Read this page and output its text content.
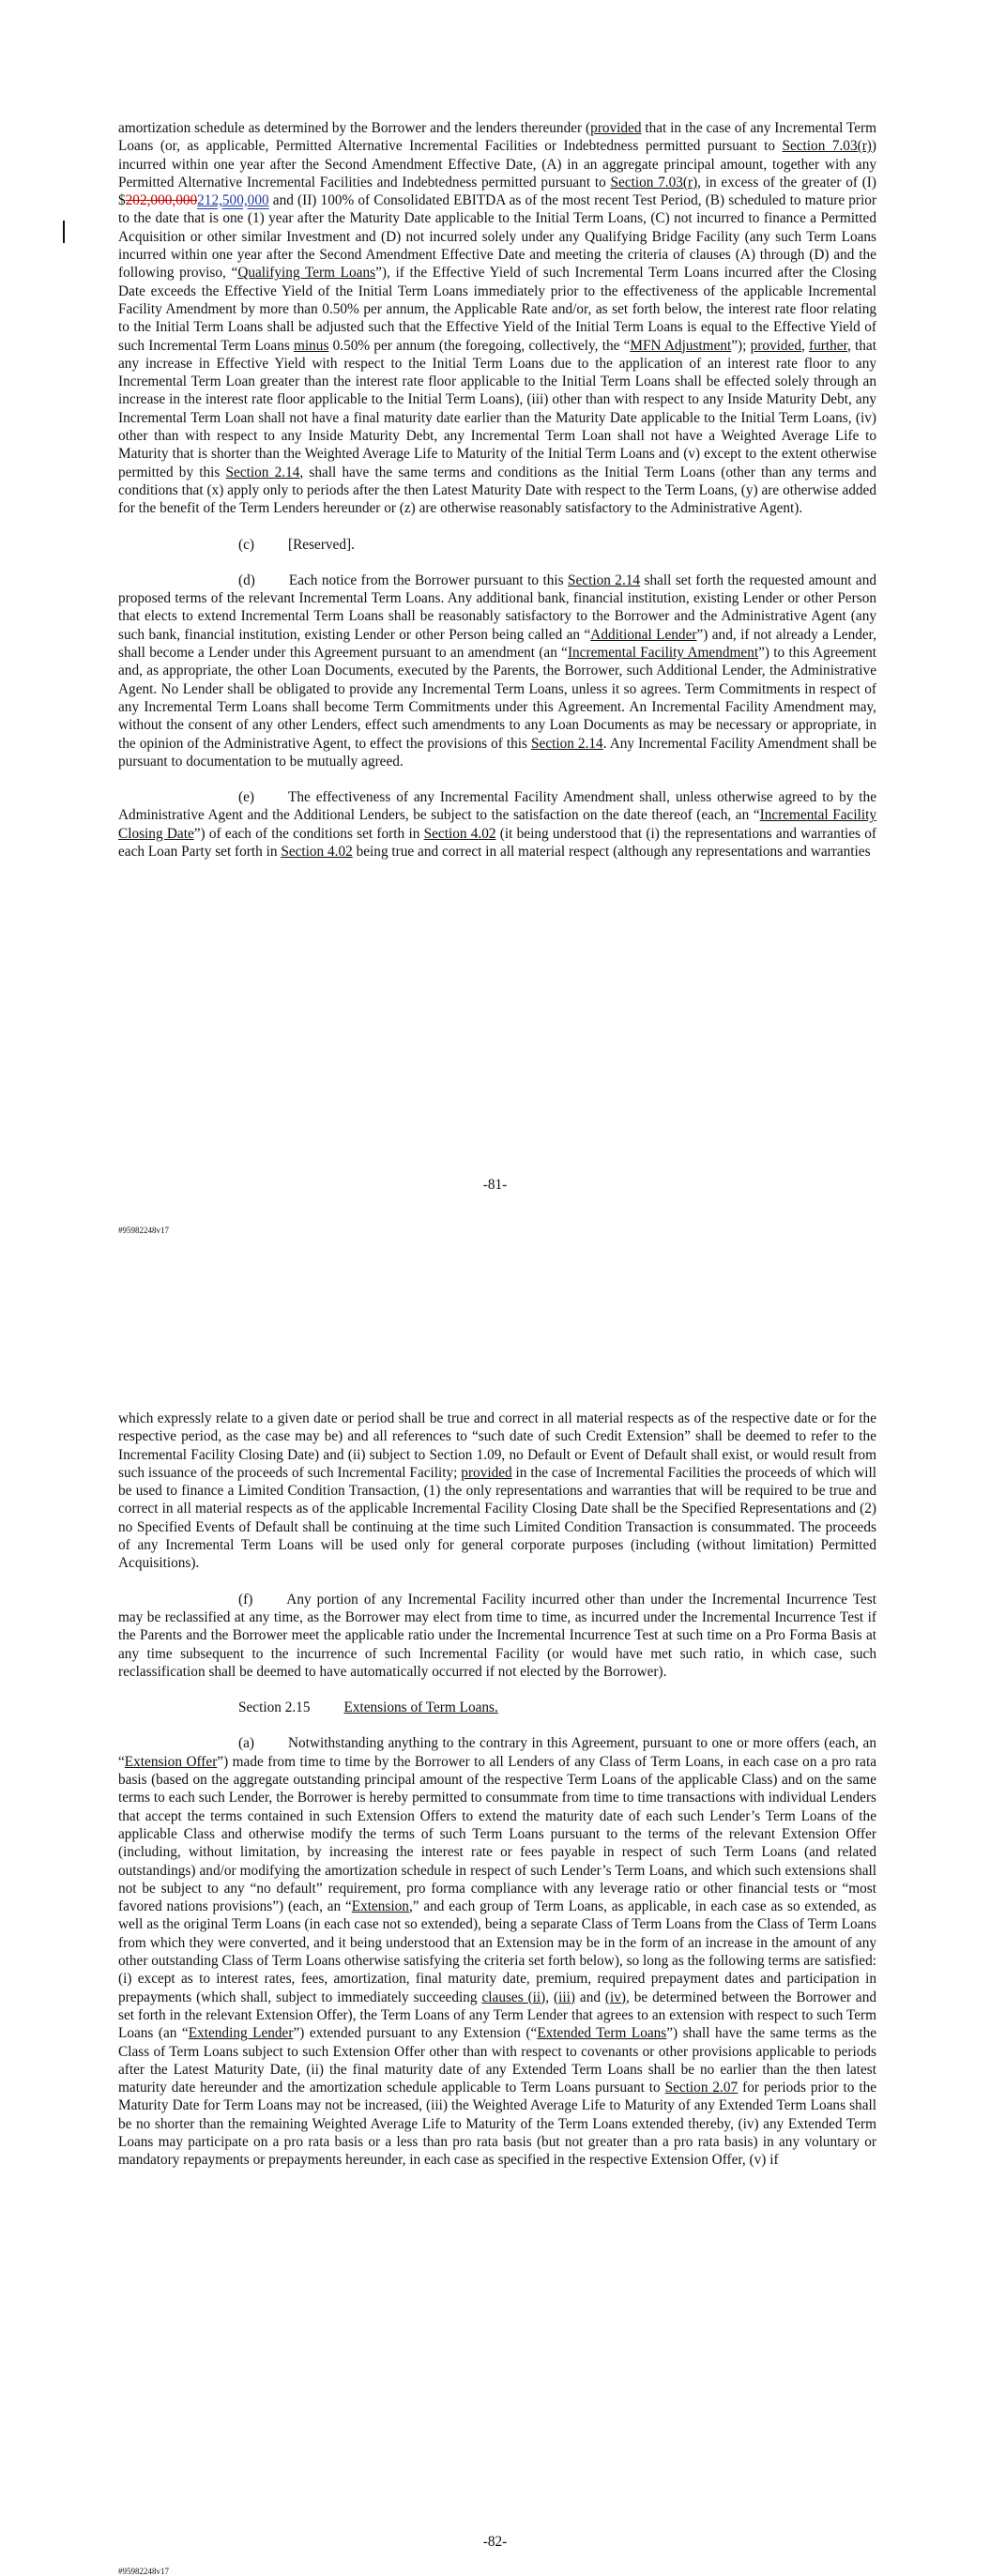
amortization schedule as determined by the Borrower and the lenders thereunder (provided that in the case of any Incremental Term Loans (or, as applicable, Permitted Alternative Incremental Facilities or Indebtedness permitted pursuant to Section 7.03(r)) incurred within one year after the Second Amendment Effective Date, (A) in an aggregate principal amount, together with any Permitted Alternative Incremental Facilities and Indebtedness permitted pursuant to Section 7.03(r), in excess of the greater of (I) $202,000,000212,500,000 and (II) 100% of Consolidated EBITDA as of the most recent Test Period, (B) scheduled to mature prior to the date that is one (1) year after the Maturity Date applicable to the Initial Term Loans, (C) not incurred to finance a Permitted Acquisition or other similar Investment and (D) not incurred solely under any Qualifying Bridge Facility (any such Term Loans incurred within one year after the Second Amendment Effective Date and meeting the criteria of clauses (A) through (D) and the following proviso, “Qualifying Term Loans”), if the Effective Yield of such Incremental Term Loans incurred after the Closing Date exceeds the Effective Yield of the Initial Term Loans immediately prior to the effectiveness of the applicable Incremental Facility Amendment by more than 0.50% per annum, the Applicable Rate and/or, as set forth below, the interest rate floor relating to the Initial Term Loans shall be adjusted such that the Effective Yield of the Initial Term Loans is equal to the Effective Yield of such Incremental Term Loans minus 0.50% per annum (the foregoing, collectively, the “MFN Adjustment”); provided, further, that any increase in Effective Yield with respect to the Initial Term Loans due to the application of an interest rate floor to any Incremental Term Loan greater than the interest rate floor applicable to the Initial Term Loans shall be effected solely through an increase in the interest rate floor applicable to the Initial Term Loans), (iii) other than with respect to any Inside Maturity Debt, any Incremental Term Loan shall not have a final maturity date earlier than the Maturity Date applicable to the Initial Term Loans, (iv) other than with respect to any Inside Maturity Debt, any Incremental Term Loan shall not have a Weighted Average Life to Maturity that is shorter than the Weighted Average Life to Maturity of the Initial Term Loans and (v) except to the extent otherwise permitted by this Section 2.14, shall have the same terms and conditions as the Initial Term Loans (other than any terms and conditions that (x) apply only to periods after the then Latest Maturity Date with respect to the Term Loans, (y) are otherwise added for the benefit of the Term Lenders hereunder or (z) are otherwise reasonably satisfactory to the Administrative Agent).

(c) [Reserved].

(d) Each notice from the Borrower pursuant to this Section 2.14 shall set forth the requested amount and proposed terms of the relevant Incremental Term Loans. Any additional bank, financial institution, existing Lender or other Person that elects to extend Incremental Term Loans shall be reasonably satisfactory to the Borrower and the Administrative Agent (any such bank, financial institution, existing Lender or other Person being called an “Additional Lender”) and, if not already a Lender, shall become a Lender under this Agreement pursuant to an amendment (an “Incremental Facility Amendment”) to this Agreement and, as appropriate, the other Loan Documents, executed by the Parents, the Borrower, such Additional Lender, the Administrative Agent. No Lender shall be obligated to provide any Incremental Term Loans, unless it so agrees. Term Commitments in respect of any Incremental Term Loans shall become Term Commitments under this Agreement. An Incremental Facility Amendment may, without the consent of any other Lenders, effect such amendments to any Loan Documents as may be necessary or appropriate, in the opinion of the Administrative Agent, to effect the provisions of this Section 2.14. Any Incremental Facility Amendment shall be pursuant to documentation to be mutually agreed.

(e) The effectiveness of any Incremental Facility Amendment shall, unless otherwise agreed to by the Administrative Agent and the Additional Lenders, be subject to the satisfaction on the date thereof (each, an “Incremental Facility Closing Date”) of each of the conditions set forth in Section 4.02 (it being understood that (i) the representations and warranties of each Loan Party set forth in Section 4.02 being true and correct in all material respect (although any representations and warranties

-81-
#95982248v17

which expressly relate to a given date or period shall be true and correct in all material respects as of the respective date or for the respective period, as the case may be) and all references to “such date of such Credit Extension” shall be deemed to refer to the Incremental Facility Closing Date) and (ii) subject to Section 1.09, no Default or Event of Default shall exist, or would result from such issuance of the proceeds of such Incremental Facility; provided in the case of Incremental Facilities the proceeds of which will be used to finance a Limited Condition Transaction, (1) the only representations and warranties that will be required to be true and correct in all material respects as of the applicable Incremental Facility Closing Date shall be the Specified Representations and (2) no Specified Events of Default shall be continuing at the time such Limited Condition Transaction is consummated. The proceeds of any Incremental Term Loans will be used only for general corporate purposes (including (without limitation) Permitted Acquisitions).

(f) Any portion of any Incremental Facility incurred other than under the Incremental Incurrence Test may be reclassified at any time, as the Borrower may elect from time to time, as incurred under the Incremental Incurrence Test if the Parents and the Borrower meet the applicable ratio under the Incremental Incurrence Test at such time on a Pro Forma Basis at any time subsequent to the incurrence of such Incremental Facility (or would have met such ratio, in which case, such reclassification shall be deemed to have automatically occurred if not elected by the Borrower).

Section 2.15 Extensions of Term Loans.

(a) Notwithstanding anything to the contrary in this Agreement, pursuant to one or more offers (each, an “Extension Offer”) made from time to time by the Borrower to all Lenders of any Class of Term Loans, in each case on a pro rata basis (based on the aggregate outstanding principal amount of the respective Term Loans of the applicable Class) and on the same terms to each such Lender, the Borrower is hereby permitted to consummate from time to time transactions with individual Lenders that accept the terms contained in such Extension Offers to extend the maturity date of each such Lender’s Term Loans of the applicable Class and otherwise modify the terms of such Term Loans pursuant to the terms of the relevant Extension Offer (including, without limitation, by increasing the interest rate or fees payable in respect of such Term Loans (and related outstandings) and/or modifying the amortization schedule in respect of such Lender’s Term Loans, and which such extensions shall not be subject to any “no default” requirement, pro forma compliance with any leverage ratio or other financial tests or “most favored nations provisions”) (each, an “Extension,” and each group of Term Loans, as applicable, in each case as so extended, as well as the original Term Loans (in each case not so extended), being a separate Class of Term Loans from the Class of Term Loans from which they were converted, and it being understood that an Extension may be in the form of an increase in the amount of any other outstanding Class of Term Loans otherwise satisfying the criteria set forth below), so long as the following terms are satisfied: (i) except as to interest rates, fees, amortization, final maturity date, premium, required prepayment dates and participation in prepayments (which shall, subject to immediately succeeding clauses (ii), (iii) and (iv), be determined between the Borrower and set forth in the relevant Extension Offer), the Term Loans of any Term Lender that agrees to an extension with respect to such Term Loans (an “Extending Lender”) extended pursuant to any Extension (“Extended Term Loans”) shall have the same terms as the Class of Term Loans subject to such Extension Offer other than with respect to covenants or other provisions applicable to periods after the Latest Maturity Date, (ii) the final maturity date of any Extended Term Loans shall be no earlier than the then latest maturity date hereunder and the amortization schedule applicable to Term Loans pursuant to Section 2.07 for periods prior to the Maturity Date for Term Loans may not be increased, (iii) the Weighted Average Life to Maturity of any Extended Term Loans shall be no shorter than the remaining Weighted Average Life to Maturity of the Term Loans extended thereby, (iv) any Extended Term Loans may participate on a pro rata basis or a less than pro rata basis (but not greater than a pro rata basis) in any voluntary or mandatory repayments or prepayments hereunder, in each case as specified in the respective Extension Offer, (v) if

-82-
#95982248v17
